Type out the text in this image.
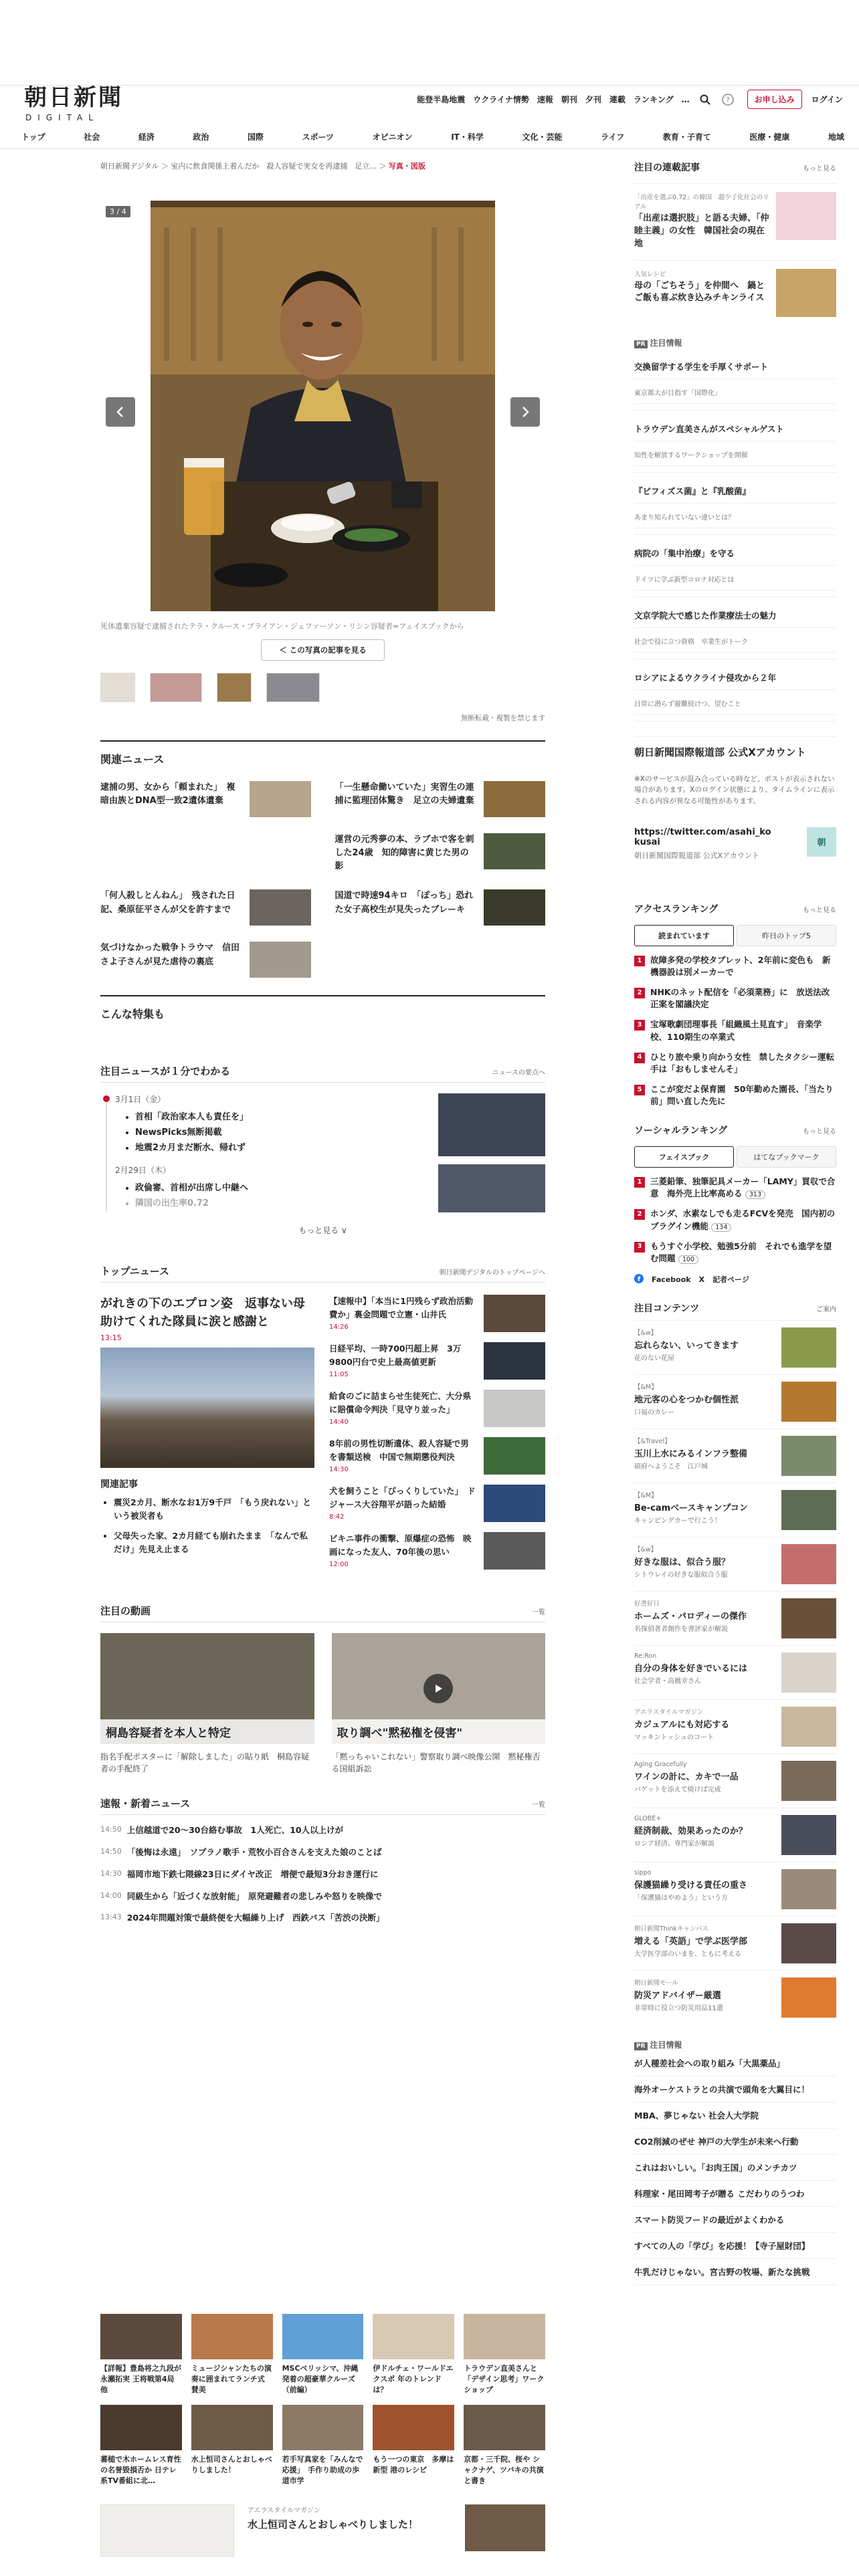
朝日新聞
DIGITAL
能登半島地震 ウクライナ情勢 速報 朝刊 夕刊 連載 ランキング …	?	お申し込み	ログイン
トップ	社会	経済	政治	国際	スポーツ	オピニオン	IT・科学	文化・芸能	ライフ	教育・子育て	医療・健康	地域
朝日新聞デジタル ＞ 室内に飲食関係上着んだか　殺人容疑で実女を再逮捕　足立... ＞ 写真・図版
3 / 4
死体遺棄容疑で逮捕されたテラ・クルース・ブライアン・ジェファーソン・リシン容疑者=フェイスブックから
＜ この写真の記事を見る
無断転載・複製を禁じます
関連ニュース
逮捕の男、女から「頼まれた」　複暗由族とDNA型一致2遺体遺棄
「一生懸命働いていた」実習生の連捕に監理団体驚き　足立の夫婦遺棄
運営の元秀夢の本、ラブホで客を刺した24歳　知的障害に黄じた男の影
「何人殺しとんねん」　残された日記、桑原征平さんが父を許すまで
国道で時速94キロ　「ぽっち」恐れた女子高校生が見失ったブレーキ
気づけなかった戦争トラウマ　信田さよ子さんが見た虐待の裏底
こんな特集も
注目ニュースが１分でわかる	ニュースの要点へ
3月1日（金）
• 首相「政治家本人も責任を」
• NewsPicks無断掲載
• 地震2カ月まだ断水、帰れず
2月29日（木）
• 政倫審、首相が出席し中継へ
• 隣国の出生率0.72
もっと見る ∨
トップニュース	朝日新聞デジタルのトップページへ
がれきの下のエプロン姿　返事ない母助けてくれた隊員に涙と感謝と
13:15
関連記事
• 震災2カ月、断水なお1万9千戸　「もう戻れない」という被災者も
• 父母失った家、2カ月経ても崩れたまま　「なんで私だけ」先見え止まる
【速報中】「本当に1円残らず政治活動費か」裏金問題で立憲・山井氏
14:26
日経平均、一時700円超上昇　3万9800円台で史上最高値更新
11:05
給食のごに詰まらせ生徒死亡、大分県に賠償命令判決「見守り並った」
14:40
8年前の男性切断遺体、殺人容疑で男を書類送検　中国で無期懲役判決
14:30
犬を飼うこと「びっくりしていた」　ドジャース大谷翔平が語った結婚
8:42
ビキニ事件の衝撃、原爆症の恐怖　映画になった友人、70年後の思い
12:00
注目の動画	一覧
桐島容疑者を本人と特定
指名手配ポスターに「解除しました」の貼り紙　桐島容疑者の手配終了
取り調べ"黙秘権を侵害"
「黙っちゃいこれない」警察取り調べ映像公開　黙秘権否る国組訴訟
速報・新着ニュース	一覧
14:50 上信越道で20～30台絡む事故　1人死亡、10人以上けが
14:50 「後悔は永遠」　ソプラノ歌手・荒牧小百合さんを支えた娘のことば
14:30 福岡市地下鉄七隈線23日にダイヤ改正　増便で最短3分おき運行に
14:00 同級生から「近づくな放射能」　原発避難者の悲しみや怒りを映像で
13:43 2024年問題対策で最終便を大幅繰り上げ　西鉄バス「苦渋の決断」
【詳報】豊島将之九段が永瀬拓実 王将戦第4局 他
ミュージシャンたちの演奏に囲まれてランチ式 賛美
MSCベリッシマ、沖縄発着の超豪華クルーズ（前編）
伊ドルチェ・ワールドエクスポ 年のトレンドは？
トラウデン直美さんと「デザイン思考」ワークショップ
蕃槌で木ホームレス育性の名誉毀損否か 日テレ系TV番組に北…
水上恒司さんとおしゃべりしました！
若手写真家を「みんなで応援」　手作り助成の歩道市学
もう一つの東京　多摩は新型 港のレシピ
京都・三千院、桜や シャクナゲ、ツバキの共演と書き
アエラスタイルマガジン
水上恒司さんとおしゃべりしました！
注目の連載記事	もっと見る
「出産を選ぶ0.72」の韓国　超少子化社会のリアル
「出産は選択肢」と語る夫婦、「仲睦主義」の女性　韓国社会の現在地
人気レシピ
母の「ごちそう」を仲間へ　鍋とご飯も喜ぶ炊き込みチキンライス
PR 注目情報
交換留学する学生を手厚くサポート
東京都大が目指す「国際化」
トラウデン直美さんがスペシャルゲスト
知性を解放するワークショップを開催
『ビフィズス菌』と『乳酸菌』
あまり知られていない違いとは？
病院の「集中治療」を守る
ドイツに学ぶ新型コロナ対応とは
文京学院大で感じた作業療法士の魅力
社会で役に立つ資格　卒業生がトーク
ロシアによるウクライナ侵攻から２年
日常に潜らず避難続けつ、望むこと
朝日新聞国際報道部 公式Xアカウント
※Xのサービスが混み合っている時など、ポストが表示されない場合があります。Xのログイン状態により、タイムラインに表示される内容が異なる可能性があります。
https://twitter.com/asahi_kokusai
朝日新聞国際報道部 公式Xアカウント
朝
アクセスランキング	もっと見る
読まれています	昨日のトップ5
1	故障多発の学校タブレット、2年前に変色も　新機器設は別メーカーで
2	NHKのネット配信を「必須業務」に　放送法改正案を閣議決定
3	宝塚歌劇団理事長「組織風土見直す」　音楽学校、110期生の卒業式
4	ひとり旅や乗り向かう女性　禁したタクシー運転手は「おもしませんそ」
5	ここが変だよ保育園　50年勤めた園長、「当たり前」問い直した先に
ソーシャルランキング	もっと見る
フェイスブック	はてなブックマーク
1	三菱鉛筆、独筆記具メーカー「LAMY」買収で合意　海外売上比率高める 313
2	ホンダ、水素なしでも走るFCVを発売　国内初のプラグイン機能 134
3	もうすぐ小学校、勉強5分前　それでも進学を望む問題 100
f Facebook X 記者ページ
注目コンテンツ	ご案内
【&w】
忘れらない、いってきます
花のない花屋
【&M】
地元客の心をつかむ個性派
口福のカレー
【&Travel】
玉川上水にみるインフラ整備
碩府ヘようこそ　江戸城
【&M】
Be-camベースキャンプコン
キャンピングカーで行こう！
【&w】
好きな服は、似合う服？
シトウレイの好きな服似合う服
好書好日
ホームズ・パロディーの傑作
名探偵著者創作を書評家が解説
Re:Ron
自分の身体を好きでいるには
社会学者・高橋幸さん
アエラスタイルマガジン
カジュアルにも対応する
マッキントッシュのコート
Aging Gracefully
ワインの計に、カキで一品
バゲットを添えて焼けば完成
GLOBE+
経済制裁、効果あったのか？
ロシア経済、専門家が解説
sippo
保護猫繰り受ける責任の重さ
「保護猫はやめよう」という方
朝日新聞Thinkキャンパス
増える「英語」で学ぶ医学部
大学医学部のいまを、ともに考える
朝日新聞モール
防災アドバイザー厳選
非常時に役立つ防災用品11選
PR 注目情報
が人種差社会への取り組み「大黒薬品」
海外オーケストラとの共演で頭角を大翼目に！
MBA、夢じゃない 社会人大学院
CO2削減のぜせ 神戸の大学生が未来へ行動
これはおいしい。「お肉王国」のメンチカツ
科理家・尾田岡考子が贈る こだわりのうつわ
スマート防災フードの最近がよくわかる
すべての人の「学び」を応援！【寺子屋財団】
牛乳だけじゃない。宮古野の牧場、新たな挑戦
